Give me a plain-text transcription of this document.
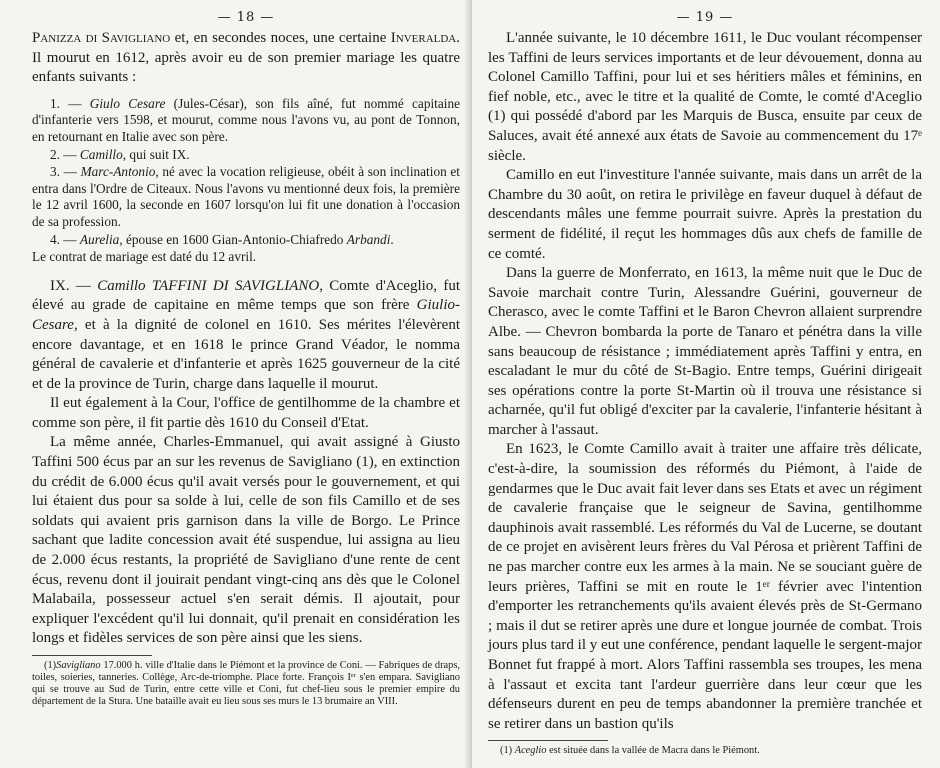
— 18 —

Panizza di Savigliano et, en secondes noces, une certaine Inveralda. Il mourut en 1612, après avoir eu de son premier mariage les quatre enfants suivants :

1. — Giulo Cesare (Jules-César), son fils aîné, fut nommé capitaine d'infanterie vers 1598, et mourut, comme nous l'avons vu, au pont de Tonnon, en retournant en Italie avec son père.

2. — Camillo, qui suit IX.

3. — Marc-Antonio, né avec la vocation religieuse, obéit à son inclination et entra dans l'Ordre de Citeaux. Nous l'avons vu mentionné deux fois, la première le 12 avril 1600, la seconde en 1607 lorsqu'on lui fit une donation à l'occasion de sa profession.

4. — Aurelia, épouse en 1600 Gian-Antonio-Chiafredo Arbandi.

Le contrat de mariage est daté du 12 avril.

IX. — Camillo TAFFINI DI SAVIGLIANO, Comte d'Aceglio, fut élevé au grade de capitaine en même temps que son frère Giulio-Cesare, et à la dignité de colonel en 1610. Ses mérites l'élevèrent encore davantage, et en 1618 le prince Grand Véador, le nomma général de cavalerie et d'infanterie et après 1625 gouverneur de la cité et de la province de Turin, charge dans laquelle il mourut.

Il eut également à la Cour, l'office de gentilhomme de la chambre et comme son père, il fit partie dès 1610 du Conseil d'Etat.

La même année, Charles-Emmanuel, qui avait assigné à Giusto Taffini 500 écus par an sur les revenus de Savigliano (1), en extinction du crédit de 6.000 écus qu'il avait versés pour le gouvernement, et qui lui étaient dus pour sa solde à lui, celle de son fils Camillo et de ses soldats qui avaient pris garnison dans la ville de Borgo. Le Prince sachant que ladite concession avait été suspendue, lui assigna au lieu de 2.000 écus restants, la propriété de Savigliano d'une rente de cent écus, revenu dont il jouirait pendant vingt-cinq ans dès que le Colonel Malabaila, possesseur actuel s'en serait démis. Il ajoutait, pour expliquer l'excédent qu'il lui donnait, qu'il prenait en considération les longs et fidèles services de son père ainsi que les siens.

(1)Savigliano 17.000 h. ville d'Italie dans le Piémont et la province de Coni. — Fabriques de draps, toiles, soieries, tanneries. Collège, Arc-de-triomphe. Place forte. François Iᵉʳ s'en empara. Savigliano qui se trouve au Sud de Turin, entre cette ville et Coni, fut chef-lieu sous le premier empire du département de la Stura. Une bataille avait eu lieu sous ses murs le 13 brumaire an VIII.

— 19 —

L'année suivante, le 10 décembre 1611, le Duc voulant récompenser les Taffini de leurs services importants et de leur dévouement, donna au Colonel Camillo Taffini, pour lui et ses héritiers mâles et féminins, en fief noble, etc., avec le titre et la qualité de Comte, le comté d'Aceglio (1) qui possédé d'abord par les Marquis de Busca, ensuite par ceux de Saluces, avait été annexé aux états de Savoie au commencement du 17ᵉ siècle.

Camillo en eut l'investiture l'année suivante, mais dans un arrêt de la Chambre du 30 août, on retira le privilège en faveur duquel à défaut de descendants mâles une femme pourrait suivre. Après la prestation du serment de fidélité, il reçut les hommages dûs aux chefs de famille de ce comté.

Dans la guerre de Monferrato, en 1613, la même nuit que le Duc de Savoie marchait contre Turin, Alessandre Guérini, gouverneur de Cherasco, avec le comte Taffini et le Baron Chevron allaient surprendre Albe. — Chevron bombarda la porte de Tanaro et pénétra dans la ville sans beaucoup de résistance ; immédiatement après Taffini y entra, en escaladant le mur du côté de St-Bagio. Entre temps, Guérini dirigeait ses opérations contre la porte St-Martin où il trouva une résistance si acharnée, qu'il fut obligé d'exciter par la cavalerie, l'infanterie hésitant à marcher à l'assaut.

En 1623, le Comte Camillo avait à traiter une affaire très délicate, c'est-à-dire, la soumission des réformés du Piémont, à l'aide de gendarmes que le Duc avait fait lever dans ses Etats et avec un régiment de cavalerie française que le seigneur de Savina, gentilhomme dauphinois avait rassemblé. Les réformés du Val de Lucerne, se doutant de ce projet en avisèrent leurs frères du Val Pérosa et prièrent Taffini de ne pas marcher contre eux les armes à la main. Ne se souciant guère de leurs prières, Taffini se mit en route le 1ᵉʳ février avec l'intention d'emporter les retranchements qu'ils avaient élevés près de St-Germano ; mais il dut se retirer après une dure et longue journée de combat. Trois jours plus tard il y eut une conférence, pendant laquelle le sergent-major Bonnet fut frappé à mort. Alors Taffini rassembla ses troupes, les mena à l'assaut et excita tant l'ardeur guerrière dans leur cœur que les défenseurs durent en peu de temps abandonner la première tranchée et se retirer dans un bastion qu'ils

(1) Aceglio est située dans la vallée de Macra dans le Piémont.
